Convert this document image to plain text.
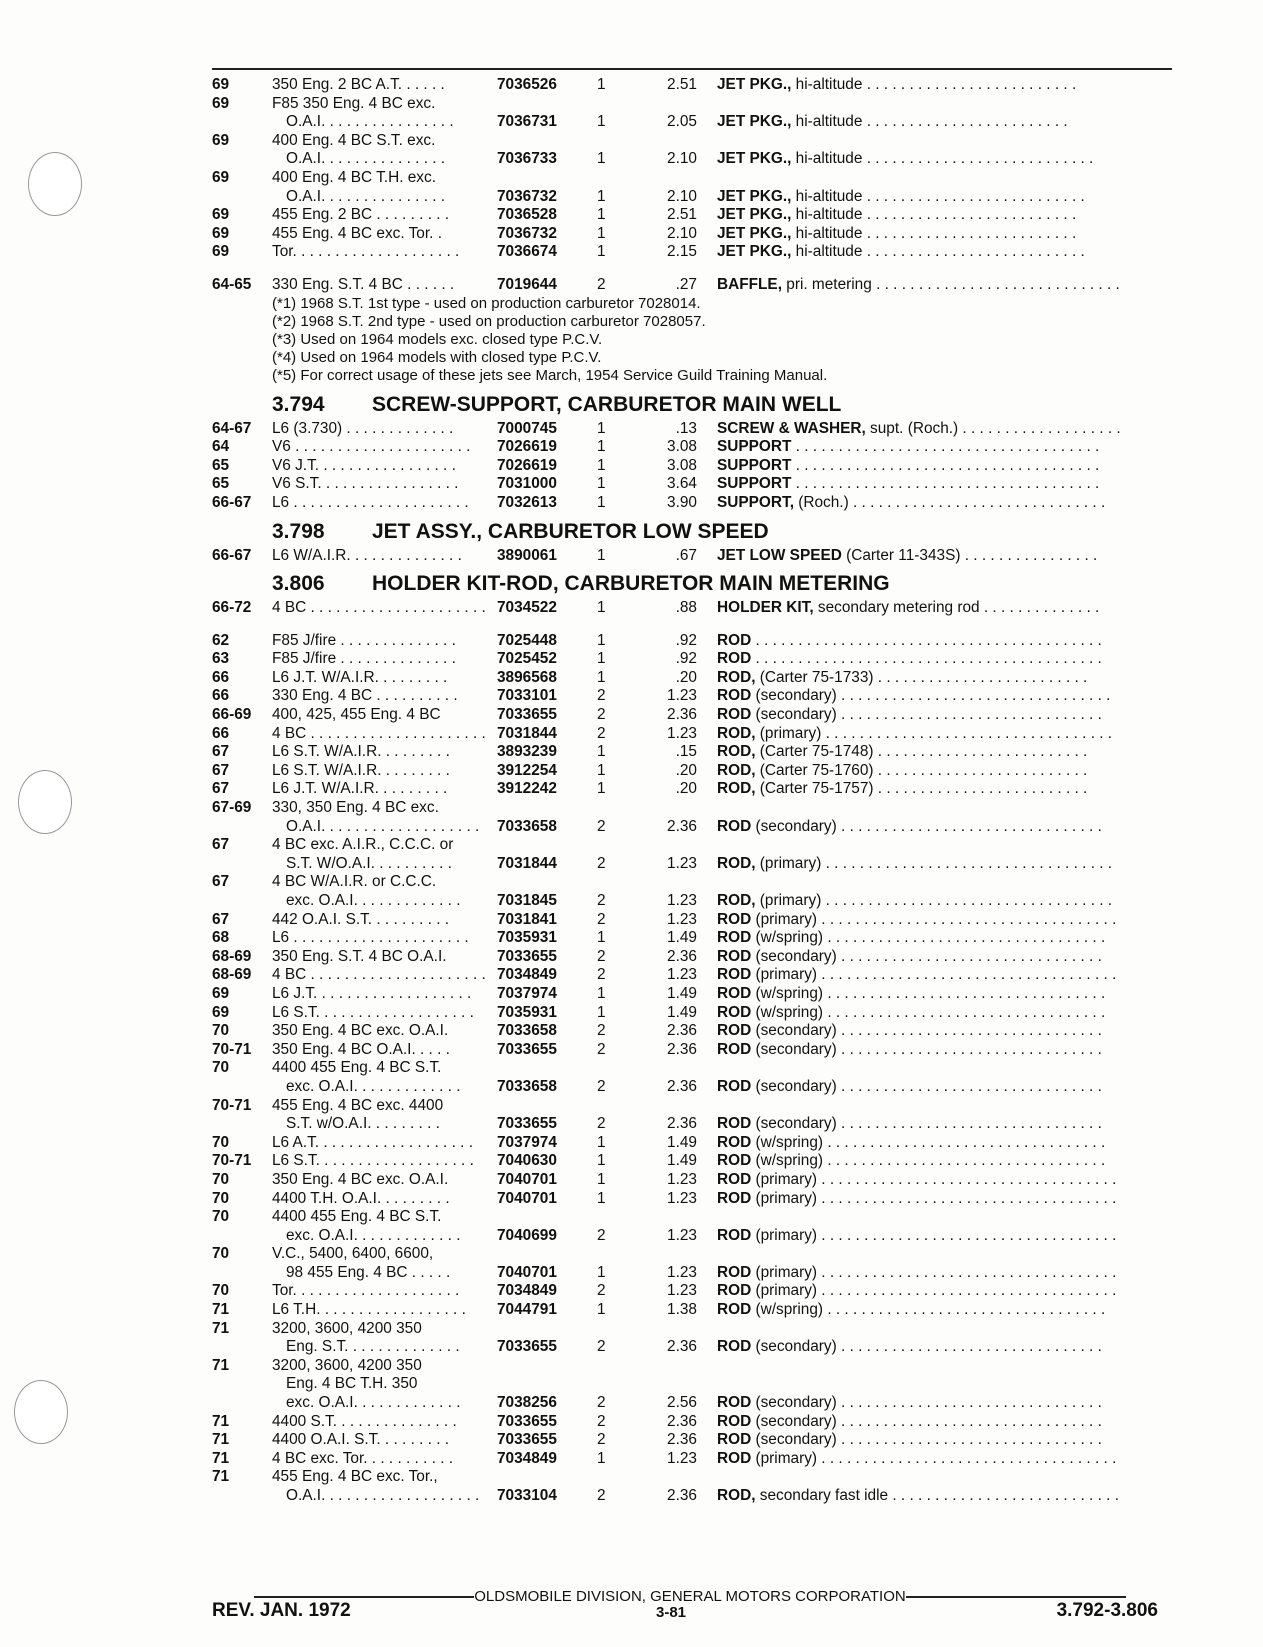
69	350 Eng. 2 BC A.T. . . . . .	7036526	1	2.51	JET PKG., hi-altitude . . . . . . . . . . . . . . . . . . . . . . . . .
69	F85 350 Eng. 4 BC exc.
O.A.I. . . . . . . . . . . . . . . .	7036731	1	2.05	JET PKG., hi-altitude . . . . . . . . . . . . . . . . . . . . . . . .
69	400 Eng. 4 BC S.T. exc.
O.A.I. . . . . . . . . . . . . . .	7036733	1	2.10	JET PKG., hi-altitude . . . . . . . . . . . . . . . . . . . . . . . . . . .
69	400 Eng. 4 BC T.H. exc.
O.A.I. . . . . . . . . . . . . . .	7036732	1	2.10	JET PKG., hi-altitude . . . . . . . . . . . . . . . . . . . . . . . . . .
69	455 Eng. 2 BC . . . . . . . . .	7036528	1	2.51	JET PKG., hi-altitude . . . . . . . . . . . . . . . . . . . . . . . . .
69	455 Eng. 4 BC exc. Tor. .	7036732	1	2.10	JET PKG., hi-altitude . . . . . . . . . . . . . . . . . . . . . . . . .
69	Tor. . . . . . . . . . . . . . . . . . . .	7036674	1	2.15	JET PKG., hi-altitude . . . . . . . . . . . . . . . . . . . . . . . . . .
64-65	330 Eng. S.T. 4 BC . . . . . .	7019644	2	.27	BAFFLE, pri. metering . . . . . . . . . . . . . . . . . . . . . . . . . . . . .
(*1) 1968 S.T. 1st type - used on production carburetor 7028014.
(*2) 1968 S.T. 2nd type - used on production carburetor 7028057.
(*3) Used on 1964 models exc. closed type P.C.V.
(*4) Used on 1964 models with closed type P.C.V.
(*5) For correct usage of these jets see March, 1954 Service Guild Training Manual.
3.794 SCREW-SUPPORT, CARBURETOR MAIN WELL
64-67	L6 (3.730) . . . . . . . . . . . . .	7000745	1	.13	SCREW & WASHER, supt. (Roch.) . . . . . . . . . . . . . . . . . . .
64	V6 . . . . . . . . . . . . . . . . . . . . .	7026619	1	3.08	SUPPORT . . . . . . . . . . . . . . . . . . . . . . . . . . . . . . . . . . . .
65	V6 J.T. . . . . . . . . . . . . . . . .	7026619	1	3.08	SUPPORT . . . . . . . . . . . . . . . . . . . . . . . . . . . . . . . . . . . .
65	V6 S.T. . . . . . . . . . . . . . . . .	7031000	1	3.64	SUPPORT . . . . . . . . . . . . . . . . . . . . . . . . . . . . . . . . . . . .
66-67	L6 . . . . . . . . . . . . . . . . . . . . .	7032613	1	3.90	SUPPORT, (Roch.) . . . . . . . . . . . . . . . . . . . . . . . . . . . . . .
3.798 JET ASSY., CARBURETOR LOW SPEED
66-67	L6 W/A.I.R. . . . . . . . . . . . . .	3890061	1	.67	JET LOW SPEED (Carter 11-343S) . . . . . . . . . . . . . . . .
3.806 HOLDER KIT-ROD, CARBURETOR MAIN METERING
66-72	4 BC . . . . . . . . . . . . . . . . . . . . . 7034522	1	.88	HOLDER KIT, secondary metering rod . . . . . . . . . . . . . .
62	F85 J/fire . . . . . . . . . . . . . .	7025448	1	.92	ROD . . . . . . . . . . . . . . . . . . . . . . . . . . . . . . . . . . . . . . . . .
63	F85 J/fire . . . . . . . . . . . . . .	7025452	1	.92	ROD . . . . . . . . . . . . . . . . . . . . . . . . . . . . . . . . . . . . . . . . .
66	L6 J.T. W/A.I.R. . . . . . . . .	3896568	1	.20	ROD, (Carter 75-1733) . . . . . . . . . . . . . . . . . . . . . . . . .
66	330 Eng. 4 BC . . . . . . . . . .	7033101	2	1.23	ROD (secondary) . . . . . . . . . . . . . . . . . . . . . . . . . . . . . . . .
66-69	400, 425, 455 Eng. 4 BC	7033655	2	2.36	ROD (secondary) . . . . . . . . . . . . . . . . . . . . . . . . . . . . . . .
66	4 BC . . . . . . . . . . . . . . . . . . . . . 7031844	2	1.23	ROD, (primary) . . . . . . . . . . . . . . . . . . . . . . . . . . . . . . . . . .
67	L6 S.T. W/A.I.R. . . . . . . . .	3893239	1	.15	ROD, (Carter 75-1748) . . . . . . . . . . . . . . . . . . . . . . . . .
67	L6 S.T. W/A.I.R. . . . . . . . .	3912254	1	.20	ROD, (Carter 75-1760) . . . . . . . . . . . . . . . . . . . . . . . . .
67	L6 J.T. W/A.I.R. . . . . . . . .	3912242	1	.20	ROD, (Carter 75-1757) . . . . . . . . . . . . . . . . . . . . . . . . .
67-69	330, 350 Eng. 4 BC exc.
O.A.I. . . . . . . . . . . . . . . . . . .	7033658	2	2.36	ROD (secondary) . . . . . . . . . . . . . . . . . . . . . . . . . . . . . . .
67	4 BC exc. A.I.R., C.C.C. or
S.T. W/O.A.I. . . . . . . . . .	7031844	2	1.23	ROD, (primary) . . . . . . . . . . . . . . . . . . . . . . . . . . . . . . . . . .
67	4 BC W/A.I.R. or C.C.C.
exc. O.A.I. . . . . . . . . . . . .	7031845	2	1.23	ROD, (primary) . . . . . . . . . . . . . . . . . . . . . . . . . . . . . . . . . .
67	442 O.A.I. S.T. . . . . . . . . .	7031841	2	1.23	ROD (primary) . . . . . . . . . . . . . . . . . . . . . . . . . . . . . . . . . . .
68	L6 . . . . . . . . . . . . . . . . . . . . .	7035931	1	1.49	ROD (w/spring) . . . . . . . . . . . . . . . . . . . . . . . . . . . . . . . . .
68-69	350 Eng. S.T. 4 BC O.A.I.	7033655	2	2.36	ROD (secondary) . . . . . . . . . . . . . . . . . . . . . . . . . . . . . . .
68-69	4 BC . . . . . . . . . . . . . . . . . . . . . 7034849	2	1.23	ROD (primary) . . . . . . . . . . . . . . . . . . . . . . . . . . . . . . . . . . .
69	L6 J.T. . . . . . . . . . . . . . . . . . .	7037974	1	1.49	ROD (w/spring) . . . . . . . . . . . . . . . . . . . . . . . . . . . . . . . . .
69	L6 S.T. . . . . . . . . . . . . . . . . . .	7035931	1	1.49	ROD (w/spring) . . . . . . . . . . . . . . . . . . . . . . . . . . . . . . . . .
70	350 Eng. 4 BC exc. O.A.I.	7033658	2	2.36	ROD (secondary) . . . . . . . . . . . . . . . . . . . . . . . . . . . . . . .
70-71	350 Eng. 4 BC O.A.I. . . . .	7033655	2	2.36	ROD (secondary) . . . . . . . . . . . . . . . . . . . . . . . . . . . . . . .
70	4400 455 Eng. 4 BC S.T.
exc. O.A.I. . . . . . . . . . . . .	7033658	2	2.36	ROD (secondary) . . . . . . . . . . . . . . . . . . . . . . . . . . . . . . .
70-71	455 Eng. 4 BC exc. 4400
S.T. w/O.A.I. . . . . . . . .	7033655	2	2.36	ROD (secondary) . . . . . . . . . . . . . . . . . . . . . . . . . . . . . . .
70	L6 A.T. . . . . . . . . . . . . . . . . . .	7037974	1	1.49	ROD (w/spring) . . . . . . . . . . . . . . . . . . . . . . . . . . . . . . . . .
70-71	L6 S.T. . . . . . . . . . . . . . . . . . .	7040630	1	1.49	ROD (w/spring) . . . . . . . . . . . . . . . . . . . . . . . . . . . . . . . . .
70	350 Eng. 4 BC exc. O.A.I.	7040701	1	1.23	ROD (primary) . . . . . . . . . . . . . . . . . . . . . . . . . . . . . . . . . . .
70	4400 T.H. O.A.I. . . . . . . . .	7040701	1	1.23	ROD (primary) . . . . . . . . . . . . . . . . . . . . . . . . . . . . . . . . . . .
70	4400 455 Eng. 4 BC S.T.
exc. O.A.I. . . . . . . . . . . . .	7040699	2	1.23	ROD (primary) . . . . . . . . . . . . . . . . . . . . . . . . . . . . . . . . . . .
70	V.C., 5400, 6400, 6600,
98 455 Eng. 4 BC . . . . .	7040701	1	1.23	ROD (primary) . . . . . . . . . . . . . . . . . . . . . . . . . . . . . . . . . . .
70	Tor. . . . . . . . . . . . . . . . . . . .	7034849	2	1.23	ROD (primary) . . . . . . . . . . . . . . . . . . . . . . . . . . . . . . . . . . .
71	L6 T.H. . . . . . . . . . . . . . . . . .	7044791	1	1.38	ROD (w/spring) . . . . . . . . . . . . . . . . . . . . . . . . . . . . . . . . .
71	3200, 3600, 4200 350
Eng. S.T. . . . . . . . . . . . . .	7033655	2	2.36	ROD (secondary) . . . . . . . . . . . . . . . . . . . . . . . . . . . . . . .
71	3200, 3600, 4200 350
Eng. 4 BC T.H. 350
exc. O.A.I. . . . . . . . . . . . .	7038256	2	2.56	ROD (secondary) . . . . . . . . . . . . . . . . . . . . . . . . . . . . . . .
71	4400 S.T. . . . . . . . . . . . . . .	7033655	2	2.36	ROD (secondary) . . . . . . . . . . . . . . . . . . . . . . . . . . . . . . .
71	4400 O.A.I. S.T. . . . . . . . .	7033655	2	2.36	ROD (secondary) . . . . . . . . . . . . . . . . . . . . . . . . . . . . . . .
71	4 BC exc. Tor. . . . . . . . . . .	7034849	1	1.23	ROD (primary) . . . . . . . . . . . . . . . . . . . . . . . . . . . . . . . . . . .
71	455 Eng. 4 BC exc. Tor.,
O.A.I. . . . . . . . . . . . . . . . . . .	7033104	2	2.36	ROD, secondary fast idle . . . . . . . . . . . . . . . . . . . . . . . . . . .
OLDSMOBILE DIVISION, GENERAL MOTORS CORPORATION
REV. JAN. 1972	3-81	3.792-3.806
